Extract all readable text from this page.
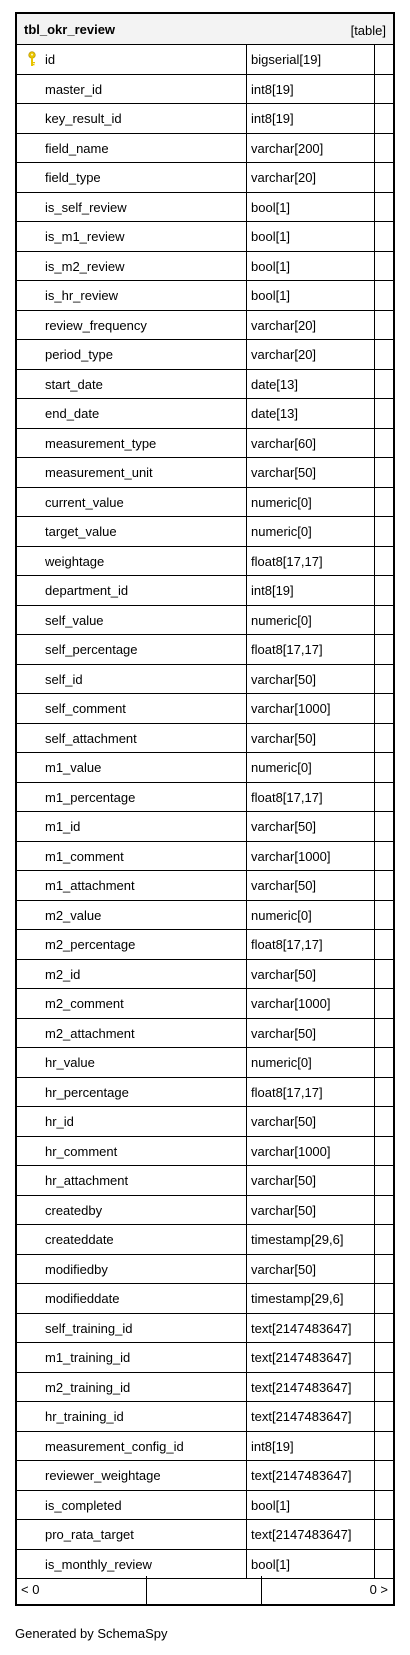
tbl_okr_review	[table]
id	bigserial[19]
master_id	int8[19]
key_result_id	int8[19]
field_name	varchar[200]
field_type	varchar[20]
is_self_review	bool[1]
is_m1_review	bool[1]
is_m2_review	bool[1]
is_hr_review	bool[1]
review_frequency	varchar[20]
period_type	varchar[20]
start_date	date[13]
end_date	date[13]
measurement_type	varchar[60]
measurement_unit	varchar[50]
current_value	numeric[0]
target_value	numeric[0]
weightage	float8[17,17]
department_id	int8[19]
self_value	numeric[0]
self_percentage	float8[17,17]
self_id	varchar[50]
self_comment	varchar[1000]
self_attachment	varchar[50]
m1_value	numeric[0]
m1_percentage	float8[17,17]
m1_id	varchar[50]
m1_comment	varchar[1000]
m1_attachment	varchar[50]
m2_value	numeric[0]
m2_percentage	float8[17,17]
m2_id	varchar[50]
m2_comment	varchar[1000]
m2_attachment	varchar[50]
hr_value	numeric[0]
hr_percentage	float8[17,17]
hr_id	varchar[50]
hr_comment	varchar[1000]
hr_attachment	varchar[50]
createdby	varchar[50]
createddate	timestamp[29,6]
modifiedby	varchar[50]
modifieddate	timestamp[29,6]
self_training_id	text[2147483647]
m1_training_id	text[2147483647]
m2_training_id	text[2147483647]
hr_training_id	text[2147483647]
measurement_config_id	int8[19]
reviewer_weightage	text[2147483647]
is_completed	bool[1]
pro_rata_target	text[2147483647]
is_monthly_review	bool[1]
< 0	0 >
Generated by SchemaSpy
